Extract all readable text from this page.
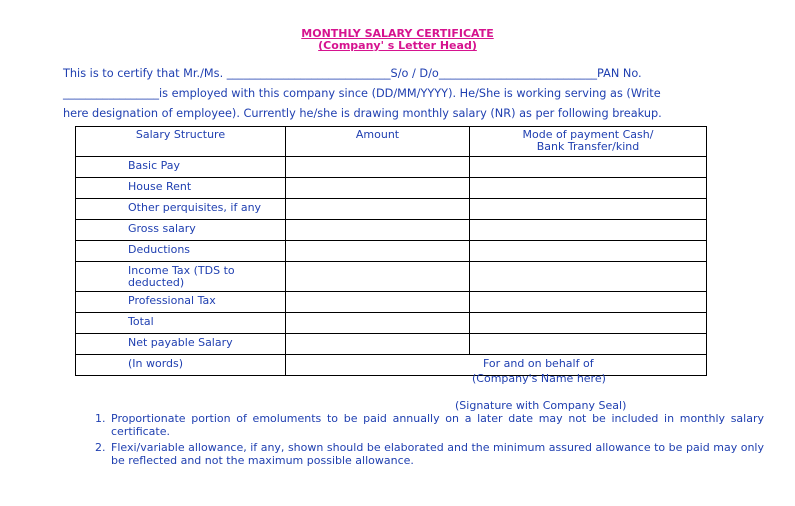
MONTHLY SALARY CERTIFICATE
(Company' s Letter Head)
This is to certify that Mr./Ms. _____________________________S/o / D/o____________________________PAN No.
_________________is employed with this company since (DD/MM/YYYY). He/She is working serving as (Write
here designation of employee). Currently he/she is drawing monthly salary (NR) as per following breakup.
Salary Structure	Amount	Mode of payment Cash/
Bank Transfer/kind

Basic Pay		
House Rent		
Other perquisites, if any		
Gross salary		
Deductions		
Income Tax (TDS to deducted)		
Professional Tax		
Total		
Net payable Salary		
(In words)			For and on behalf of
(Company's Name here)
(Signature with Company Seal)
1. Proportionate portion of emoluments to be paid annually on a later date may not be included in monthly salary certificate.
2. Flexi/variable allowance, if any, shown should be elaborated and the minimum assured allowance to be paid may only be reflected and not the maximum possible allowance.
